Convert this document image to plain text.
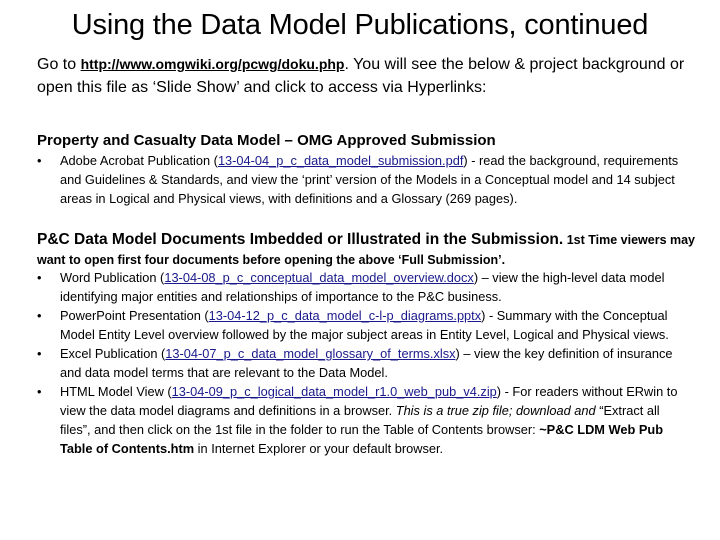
Using the Data Model Publications, continued
Go to http://www.omgwiki.org/pcwg/doku.php. You will see the below & project background or open this file as ‘Slide Show’ and click to access via Hyperlinks:
Property and Casualty Data Model – OMG Approved Submission
• Adobe Acrobat Publication (13-04-04_p_c_data_model_submission.pdf) - read the background, requirements and Guidelines & Standards, and view the ‘print’ version of the Models in a Conceptual model and 14 subject areas in Logical and Physical views, with definitions and a Glossary (269 pages).
P&C Data Model Documents Imbedded or Illustrated in the Submission. 1st Time viewers may want to open first four documents before opening the above ‘Full Submission’.
• Word Publication (13-04-08_p_c_conceptual_data_model_overview.docx) – view the high-level data model identifying major entities and relationships of importance to the P&C business.
• PowerPoint Presentation (13-04-12_p_c_data_model_c-l-p_diagrams.pptx) - Summary with the Conceptual Model Entity Level overview followed by the major subject areas in Entity Level, Logical and Physical views.
• Excel Publication (13-04-07_p_c_data_model_glossary_of_terms.xlsx) – view the key definition of insurance and data model terms that are relevant to the Data Model.
• HTML Model View (13-04-09_p_c_logical_data_model_r1.0_web_pub_v4.zip) - For readers without ERwin to view the data model diagrams and definitions in a browser. This is a true zip file; download and “Extract all files”, and then click on the 1st file in the folder to run the Table of Contents browser: ~P&C LDM Web Pub Table of Contents.htm in Internet Explorer or your default browser.
